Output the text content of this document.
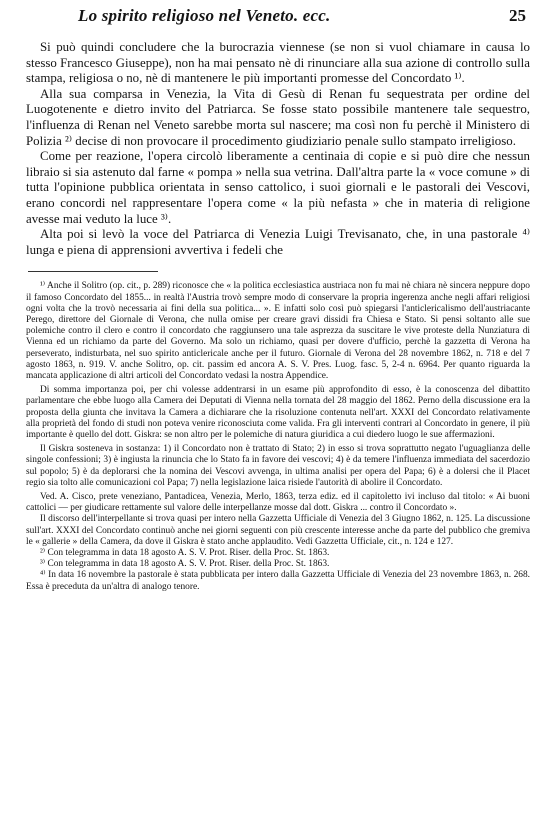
Lo spirito religioso nel Veneto. ecc.	25

Si può quindi concludere che la burocrazia viennese (se non si vuol chiamare in causa lo stesso Francesco Giuseppe), non ha mai pensato nè di rinunciare alla sua azione di controllo sulla stampa, religiosa o no, nè di mantenere le più importanti promesse del Concordato ¹⁾.

Alla sua comparsa in Venezia, la Vita di Gesù di Renan fu sequestrata per ordine del Luogotenente e dietro invito del Patriarca. Se fosse stato possibile mantenere tale sequestro, l'influenza di Renan nel Veneto sarebbe morta sul nascere; ma così non fu perchè il Ministero di Polizia ²⁾ decise di non provocare il procedimento giudiziario penale sullo stampato irreligioso.

Come per reazione, l'opera circolò liberamente a centinaia di copie e si può dire che nessun libraio si sia astenuto dal farne « pompa » nella sua vetrina. Dall'altra parte la « voce comune » di tutta l'opinione pubblica orientata in senso cattolico, i suoi giornali e le pastorali dei Vescovi, erano concordi nel rappresentare l'opera come « la più nefasta » che in materia di religione avesse mai veduto la luce ³⁾.

Alta poi si levò la voce del Patriarca di Venezia Luigi Trevisanato, che, in una pastorale ⁴⁾ lunga e piena di apprensioni avvertiva i fedeli che

¹⁾ Anche il Solitro (op. cit., p. 289) riconosce che « la politica ecclesiastica austriaca non fu mai nè chiara nè sincera neppure dopo il famoso Concordato del 1855... in realtà l'Austria trovò sempre modo di conservare la propria ingerenza anche negli affari religiosi ogni volta che la trovò necessaria ai fini della sua politica... ». E infatti solo così può spiegarsi l'anticlericalismo dell'austriacante Perego, direttore del Giornale di Verona, che nulla omise per creare gravi dissidi fra Chiesa e Stato. Si pensi soltanto alle sue polemiche contro il clero e contro il concordato che raggiunsero una tale asprezza da suscitare le vive proteste della Nunziatura di Vienna ed un richiamo da parte del Governo. Ma solo un richiamo, quasi per dovere d'ufficio, perchè la gazzetta di Verona ha perseverato, indisturbata, nel suo spirito anticlericale anche per il futuro. Giornale di Verona del 28 novembre 1862, n. 718 e del 7 agosto 1863, n. 919. V. anche Solitro, op. cit. passim ed ancora A. S. V. Pres. Luog. fasc. 5, 2-4 n. 6964. Per quanto riguarda la mancata applicazione di altri articoli del Concordato vedasi la nostra Appendice.

Di somma importanza poi, per chi volesse addentrarsi in un esame più approfondito di esso, è la conoscenza del dibattito parlamentare che ebbe luogo alla Camera dei Deputati di Vienna nella tornata del 28 maggio del 1862. Perno della discussione era la proposta della giunta che invitava la Camera a dichiarare che la risoluzione contenuta nell'art. XXXI del Concordato relativamente alla proprietà del fondo di studi non poteva venire riconosciuta come valida. Fra gli interventi contrari al Concordato in genere, il più importante è quello del dott. Giskra: se non altro per le polemiche di natura giuridica a cui diedero luogo le sue affermazioni.

Il Giskra sosteneva in sostanza: 1) il Concordato non è trattato di Stato; 2) in esso si trova soprattutto negato l'uguaglianza delle singole confessioni; 3) è ingiusta la rinuncia che lo Stato fa in favore dei vescovi; 4) è da temere l'influenza immediata del sacerdozio sul popolo; 5) è da deplorarsi che la nomina dei Vescovi avvenga, in ultima analisi per opera del Papa; 6) è a dolersi che il Placet regio sia tolto alle comunicazioni col Papa; 7) nella legislazione laica risiede l'autorità di abolire il Concordato.

Ved. A. Cisco, prete veneziano, Pantadicea, Venezia, Merlo, 1863, terza ediz. ed il capitoletto ivi incluso dal titolo: « Ai buoni cattolici — per giudicare rettamente sul valore delle interpellanze mosse dal dott. Giskra ... contro il Concordato ».

Il discorso dell'interpellante si trova quasi per intero nella Gazzetta Ufficiale di Venezia del 3 Giugno 1862, n. 125. La discussione sull'art. XXXI del Concordato continuò anche nei giorni seguenti con più crescente interesse anche da parte del pubblico che gremiva le « gallerie » della Camera, da dove il Giskra è stato anche applaudito. Vedi Gazzetta Ufficiale, cit., n. 124 e 127.

²⁾ Con telegramma in data 18 agosto A. S. V. Prot. Riser. della Proc. St. 1863.

³⁾ Con telegramma in data 18 agosto A. S. V. Prot. Riser. della Proc. St. 1863.

⁴⁾ In data 16 novembre la pastorale è stata pubblicata per intero dalla Gazzetta Ufficiale di Venezia del 23 novembre 1863, n. 268. Essa è preceduta da un'altra di analogo tenore.
